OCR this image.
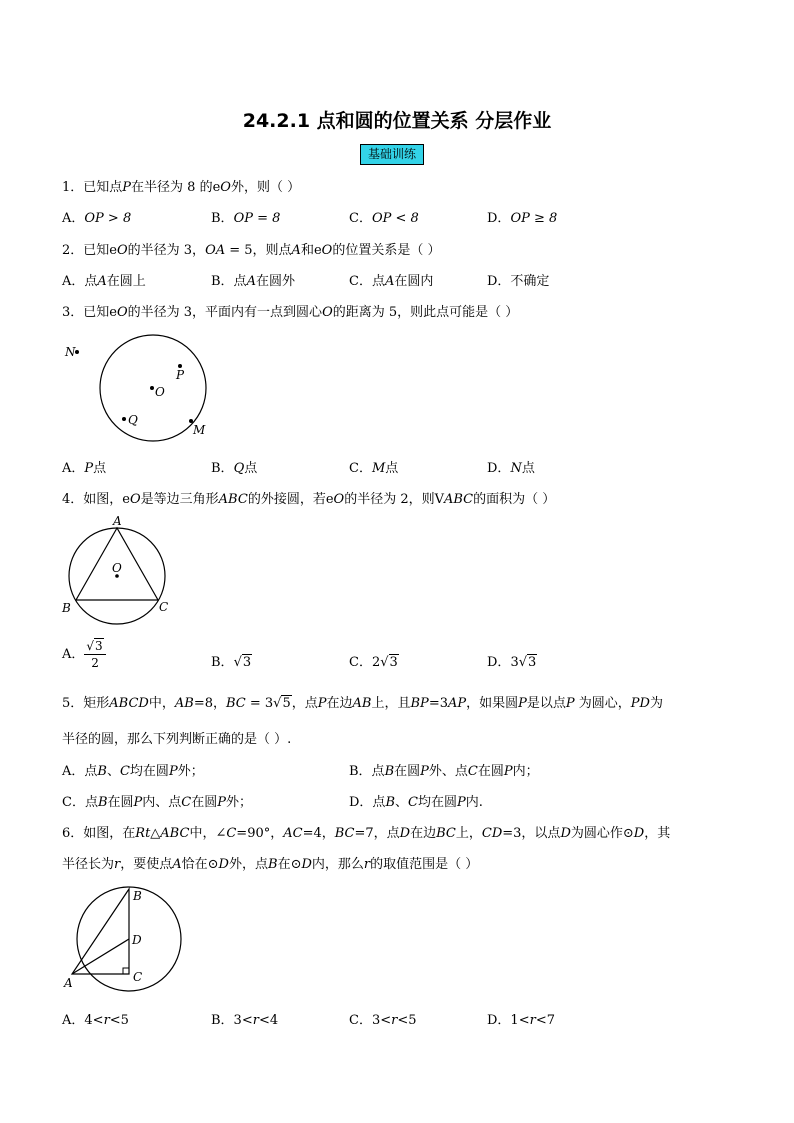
24.2.1 点和圆的位置关系 分层作业
基础训练
1．已知点P在半径为 8 的eO外，则（ ）
A．OP > 8	B．OP = 8	C．OP < 8	D．OP ≥ 8
2．已知eO的半径为 3，OA = 5，则点A和eO的位置关系是（ ）
A．点A在圆上	B．点A在圆外	C．点A在圆内	D．不确定
3．已知eO的半径为 3，平面内有一点到圆心O的距离为 5，则此点可能是（ ）
N
P
O
Q
M
A．P点	B．Q点	C．M点	D．N点
4．如图，eO是等边三角形ABC的外接圆，若eO的半径为 2，则VABC的面积为（ ）
A
O
B	C
A． $\frac{√3}{2}$	B．√3	C．2√3	D．3√3
5．矩形ABCD中，AB=8，BC = 3√5，点P在边AB上，且BP=3AP，如果圆P是以点P 为圆心，PD为
半径的圆，那么下列判断正确的是（ ）.
A．点B、C均在圆P外；	B．点B在圆P外、点C在圆P内；
C．点B在圆P内、点C在圆P外；	D．点B、C均在圆P内.
6．如图，在Rt△ABC中，∠C=90°，AC=4，BC=7，点D在边BC上，CD=3，以点D为圆心作⊙D，其
半径长为r，要使点A恰在⊙D外，点B在⊙D内，那么r的取值范围是（ ）
B
D
A	C
A．4<r<5	B．3<r<4	C．3<r<5	D．1<r<7
